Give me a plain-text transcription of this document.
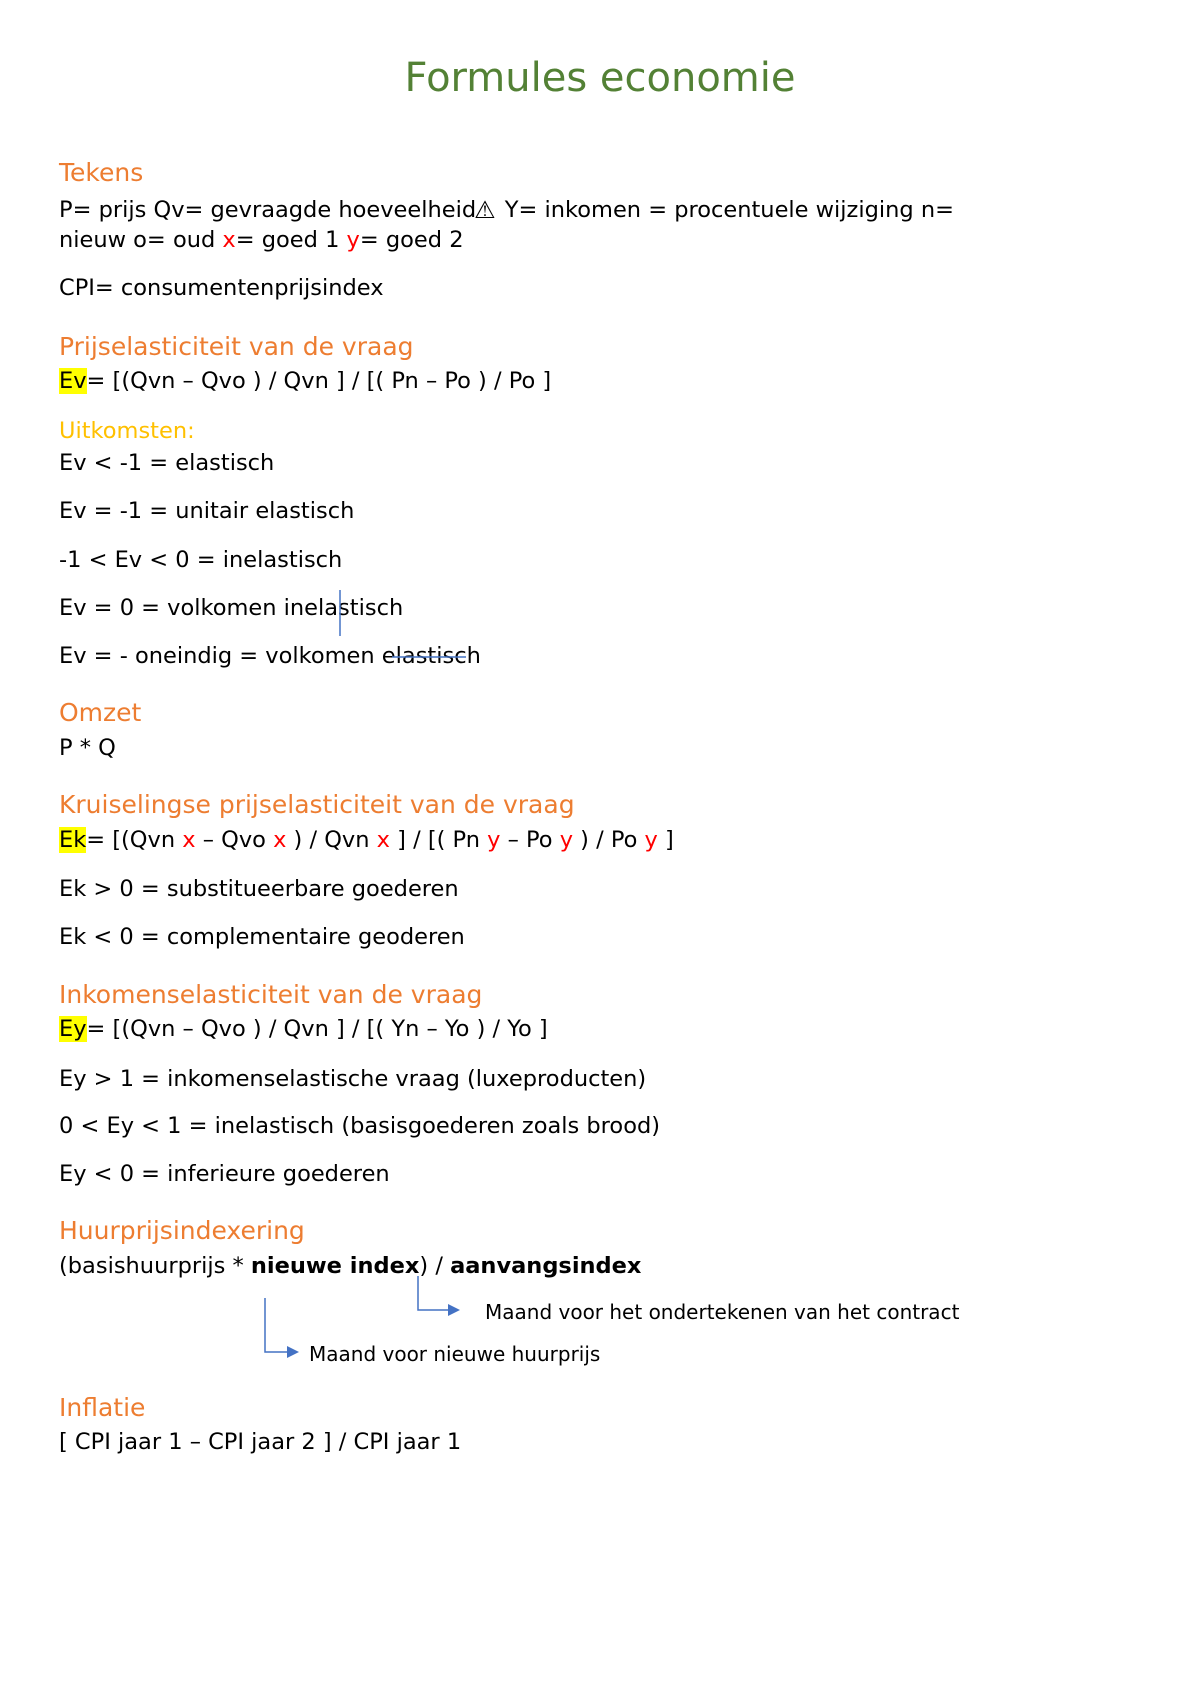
Formules economie
Tekens
P= prijs Qv= gevraagde hoeveelheid⚠ Y= inkomen = procentuele wijziging n=
nieuw o= oud x= goed 1 y= goed 2
CPI= consumentenprijsindex
Prijselasticiteit van de vraag
Ev= [(Qvn – Qvo ) / Qvn ] / [( Pn – Po ) / Po ]
Uitkomsten:
Ev < -1 = elastisch
Ev = -1 = unitair elastisch
-1 < Ev < 0 = inelastisch
Ev = 0 = volkomen inelastisch
Ev = - oneindig = volkomen elastisch
Omzet
P * Q
Kruiselingse prijselasticiteit van de vraag
Ek= [(Qvn x – Qvo x ) / Qvn x ] / [( Pn y – Po y ) / Po y ]
Ek > 0 = substitueerbare goederen
Ek < 0 = complementaire geoderen
Inkomenselasticiteit van de vraag
Ey= [(Qvn – Qvo ) / Qvn ] / [( Yn – Yo ) / Yo ]
Ey > 1 = inkomenselastische vraag (luxeproducten)
0 < Ey < 1 = inelastisch (basisgoederen zoals brood)
Ey < 0 = inferieure goederen
Huurprijsindexering
(basishuurprijs * nieuwe index) / aanvangsindex
Maand voor het ondertekenen van het contract
Maand voor nieuwe huurprijs
Inflatie
[ CPI jaar 1 – CPI jaar 2 ] / CPI jaar 1
